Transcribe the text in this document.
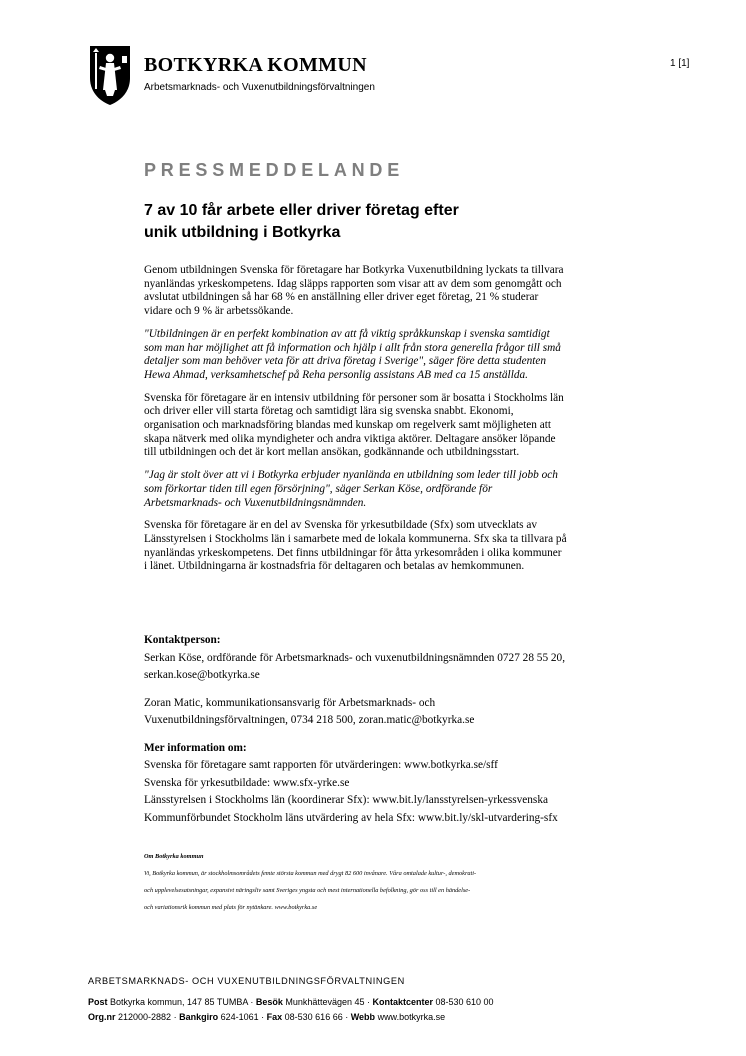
BOTKYRKA KOMMUN
Arbetsmarknads- och Vuxenutbildningsförvaltningen
1 [1]
PRESSMEDDELANDE
7 av 10 får arbete eller driver företag efter
unik utbildning i Botkyrka

Genom utbildningen Svenska för företagare har Botkyrka Vuxenutbildning lyckats ta tillvara
nyanländas yrkeskompetens. Idag släpps rapporten som visar att av dem som genomgått och
avslutat utbildningen så har 68 % en anställning eller driver eget företag, 21 % studerar
vidare och 9 % är arbetssökande.

"Utbildningen är en perfekt kombination av att få viktig språkkunskap i svenska samtidigt
som man har möjlighet att få information och hjälp i allt från stora generella frågor till små
detaljer som man behöver veta för att driva företag i Sverige", säger före detta studenten
Hewa Ahmad, verksamhetschef på Reha personlig assistans AB med ca 15 anställda.

Svenska för företagare är en intensiv utbildning för personer som är bosatta i Stockholms län
och driver eller vill starta företag och samtidigt lära sig svenska snabbt. Ekonomi,
organisation och marknadsföring blandas med kunskap om regelverk samt möjligheten att
skapa nätverk med olika myndigheter och andra viktiga aktörer. Deltagare ansöker löpande
till utbildningen och det är kort mellan ansökan, godkännande och utbildningsstart.

"Jag är stolt över att vi i Botkyrka erbjuder nyanlända en utbildning som leder till jobb och
som förkortar tiden till egen försörjning", säger Serkan Köse, ordförande för
Arbetsmarknads- och Vuxenutbildningsnämnden.

Svenska för företagare är en del av Svenska för yrkesutbildade (Sfx) som utvecklats av
Länsstyrelsen i Stockholms län i samarbete med de lokala kommunerna. Sfx ska ta tillvara på
nyanländas yrkeskompetens. Det finns utbildningar för åtta yrkesområden i olika kommuner
i länet. Utbildningarna är kostnadsfria för deltagaren och betalas av hemkommunen.

Kontaktperson:
Serkan Köse, ordförande för Arbetsmarknads- och vuxenutbildningsnämnden 0727 28 55 20,
serkan.kose@botkyrka.se
Zoran Matic, kommunikationsansvarig för Arbetsmarknads- och
Vuxenutbildningsförvaltningen, 0734 218 500, zoran.matic@botkyrka.se
Mer information om:
Svenska för företagare samt rapporten för utvärderingen: www.botkyrka.se/sff
Svenska för yrkesutbildade: www.sfx-yrke.se
Länsstyrelsen i Stockholms län (koordinerar Sfx): www.bit.ly/lansstyrelsen-yrkessvenska
Kommunförbundet Stockholm läns utvärdering av hela Sfx: www.bit.ly/skl-utvardering-sfx
Om Botkyrka kommun
Vi, Botkyrka kommun, är stockholmsområdets femte största kommun med drygt 82 600 invånare. Våra omtalade kultur-, demokrati-
och upplevelsesatsningar, expansivt näringsliv samt Sveriges yngsta och mest internationella befolkning, gör oss till en händelse-
och variationsrik kommun med plats för nytänkare. www.botkyrka.se
ARBETSMARKNADS- OCH VUXENUTBILDNINGSFÖRVALTNINGEN
Post Botkyrka kommun, 147 85 TUMBA · Besök Munkhättevägen 45 · Kontaktcenter 08-530 610 00
Org.nr 212000-2882 · Bankgiro 624-1061 · Fax 08-530 616 66 · Webb www.botkyrka.se
